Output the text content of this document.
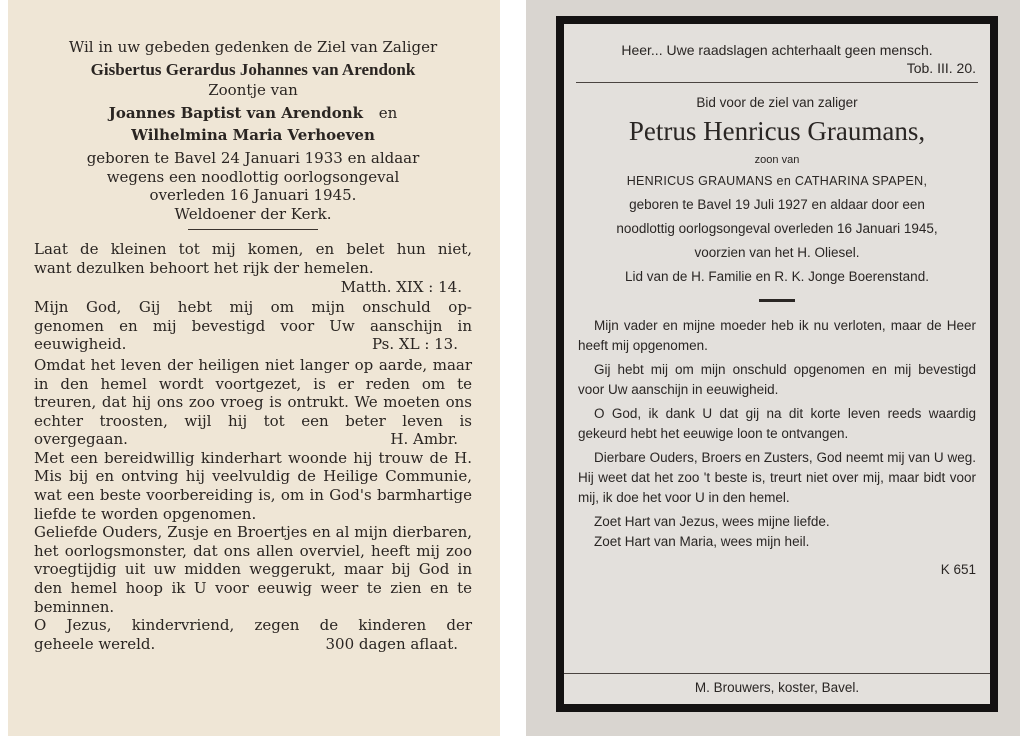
Wil in uw gebeden gedenken de Ziel van Zaliger
Gisbertus Gerardus Johannes van Arendonk
Zoontje van
Joannes Baptist van Arendonk en
Wilhelmina Maria Verhoeven
geboren te Bavel 24 Januari 1933 en aldaar
wegens een noodlottig oorlogsongeval
overleden 16 Januari 1945.
Weldoener der Kerk.
Laat de kleinen tot mij komen, en belet hun niet,
want dezulken behoort het rijk der hemelen.
Matth. XIX : 14.
Mijn God, Gij hebt mij om mijn onschuld op-
genomen en mij bevestigd voor Uw aanschijn in
eeuwigheid.	Ps. XL : 13.
Omdat het leven der heiligen niet langer op aarde, maar in den hemel wordt voortgezet, is er reden om te treuren, dat hij ons zoo vroeg is ontrukt. We moeten ons echter troosten, wijl hij tot een beter leven is overgegaan.	H. Ambr.
Met een bereidwillig kinderhart woonde hij trouw de H. Mis bij en ontving hij veelvuldig de Heilige Communie, wat een beste voorbereiding is, om in God's barmhartige liefde te worden opgenomen.
Geliefde Ouders, Zusje en Broertjes en al mijn dierbaren, het oorlogsmonster, dat ons allen overviel, heeft mij zoo vroegtijdig uit uw midden weggerukt, maar bij God in den hemel hoop ik U voor eeuwig weer te zien en te beminnen.
O Jezus, kindervriend, zegen de kinderen der
geheele wereld.	300 dagen aflaat.
Heer... Uwe raadslagen achterhaalt geen mensch.
Tob. III. 20.
Bid voor de ziel van zaliger
Petrus Henricus Graumans,
zoon van
HENRICUS GRAUMANS en CATHARINA SPAPEN,
geboren te Bavel 19 Juli 1927 en aldaar door een
noodlottig oorlogsongeval overleden 16 Januari 1945,
voorzien van het H. Oliesel.
Lid van de H. Familie en R. K. Jonge Boerenstand.
Mijn vader en mijne moeder heb ik nu verloten, maar de Heer heeft mij opgenomen.
Gij hebt mij om mijn onschuld opgenomen en mij bevestigd voor Uw aanschijn in eeuwigheid.
O God, ik dank U dat gij na dit korte leven reeds waardig gekeurd hebt het eeuwige loon te ontvangen.
Dierbare Ouders, Broers en Zusters, God neemt mij van U weg. Hij weet dat het zoo 't beste is, treurt niet over mij, maar bidt voor mij, ik doe het voor U in den hemel.
Zoet Hart van Jezus, wees mijne liefde.
Zoet Hart van Maria, wees mijn heil.
K 651
M. Brouwers, koster, Bavel.
